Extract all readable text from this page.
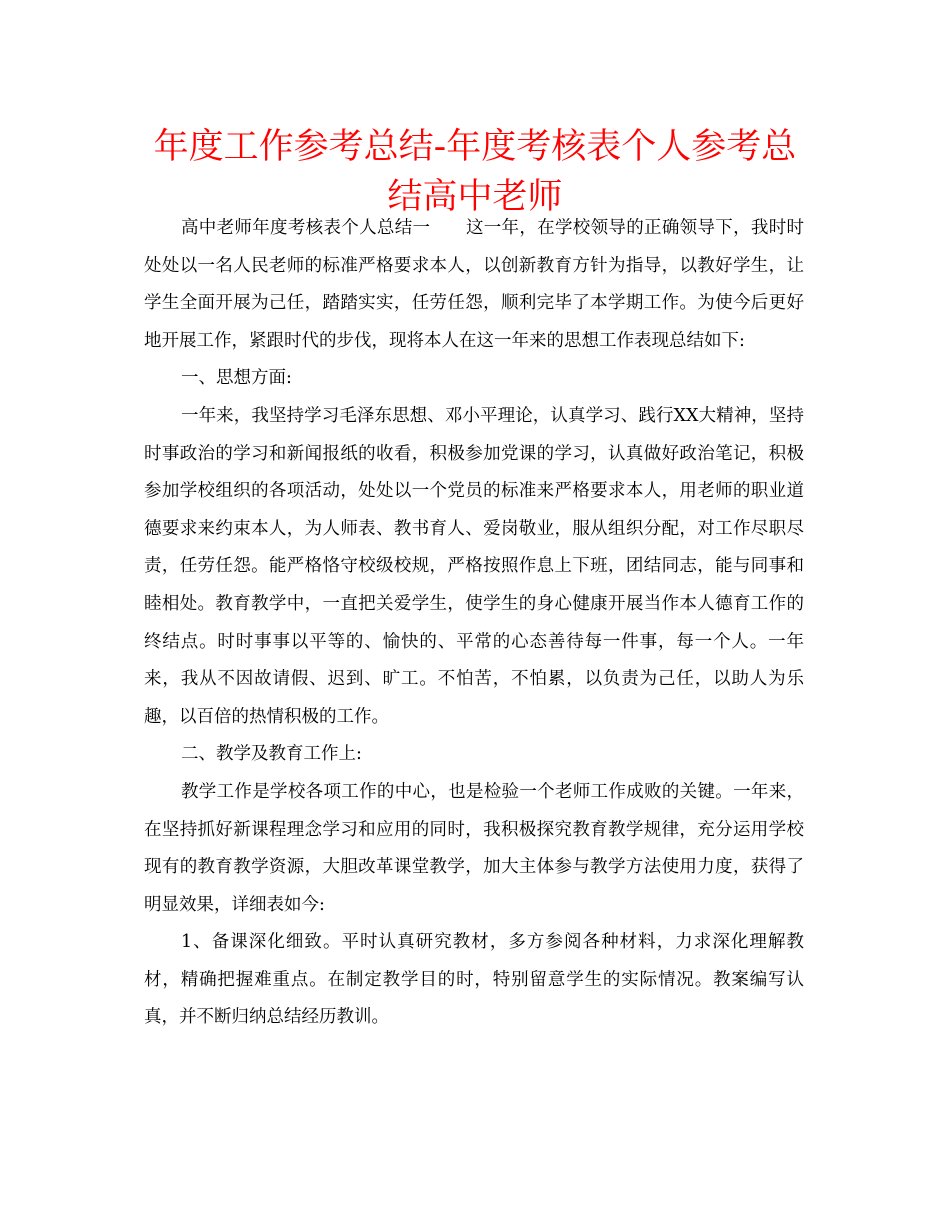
年度工作参考总结-年度考核表个人参考总结高中老师

高中老师年度考核表个人总结一　　这一年，在学校领导的正确领导下，我时时处处以一名人民老师的标准严格要求本人，以创新教育方针为指导，以教好学生，让学生全面开展为己任，踏踏实实，任劳任怨，顺利完毕了本学期工作。为使今后更好地开展工作，紧跟时代的步伐，现将本人在这一年来的思想工作表现总结如下:

一、思想方面:

一年来，我坚持学习毛泽东思想、邓小平理论，认真学习、践行XX大精神，坚持时事政治的学习和新闻报纸的收看，积极参加党课的学习，认真做好政治笔记，积极参加学校组织的各项活动，处处以一个党员的标准来严格要求本人，用老师的职业道德要求来约束本人，为人师表、教书育人、爱岗敬业，服从组织分配，对工作尽职尽责，任劳任怨。能严格恪守校级校规，严格按照作息上下班，团结同志，能与同事和睦相处。教育教学中，一直把关爱学生，使学生的身心健康开展当作本人德育工作的终结点。时时事事以平等的、愉快的、平常的心态善待每一件事，每一个人。一年来，我从不因故请假、迟到、旷工。不怕苦，不怕累，以负责为己任，以助人为乐趣，以百倍的热情积极的工作。

二、教学及教育工作上:

教学工作是学校各项工作的中心，也是检验一个老师工作成败的关键。一年来，在坚持抓好新课程理念学习和应用的同时，我积极探究教育教学规律，充分运用学校现有的教育教学资源，大胆改革课堂教学，加大主体参与教学方法使用力度，获得了明显效果，详细表如今:

1、备课深化细致。平时认真研究教材，多方参阅各种材料，力求深化理解教材，精确把握难重点。在制定教学目的时，特别留意学生的实际情况。教案编写认真，并不断归纳总结经历教训。
